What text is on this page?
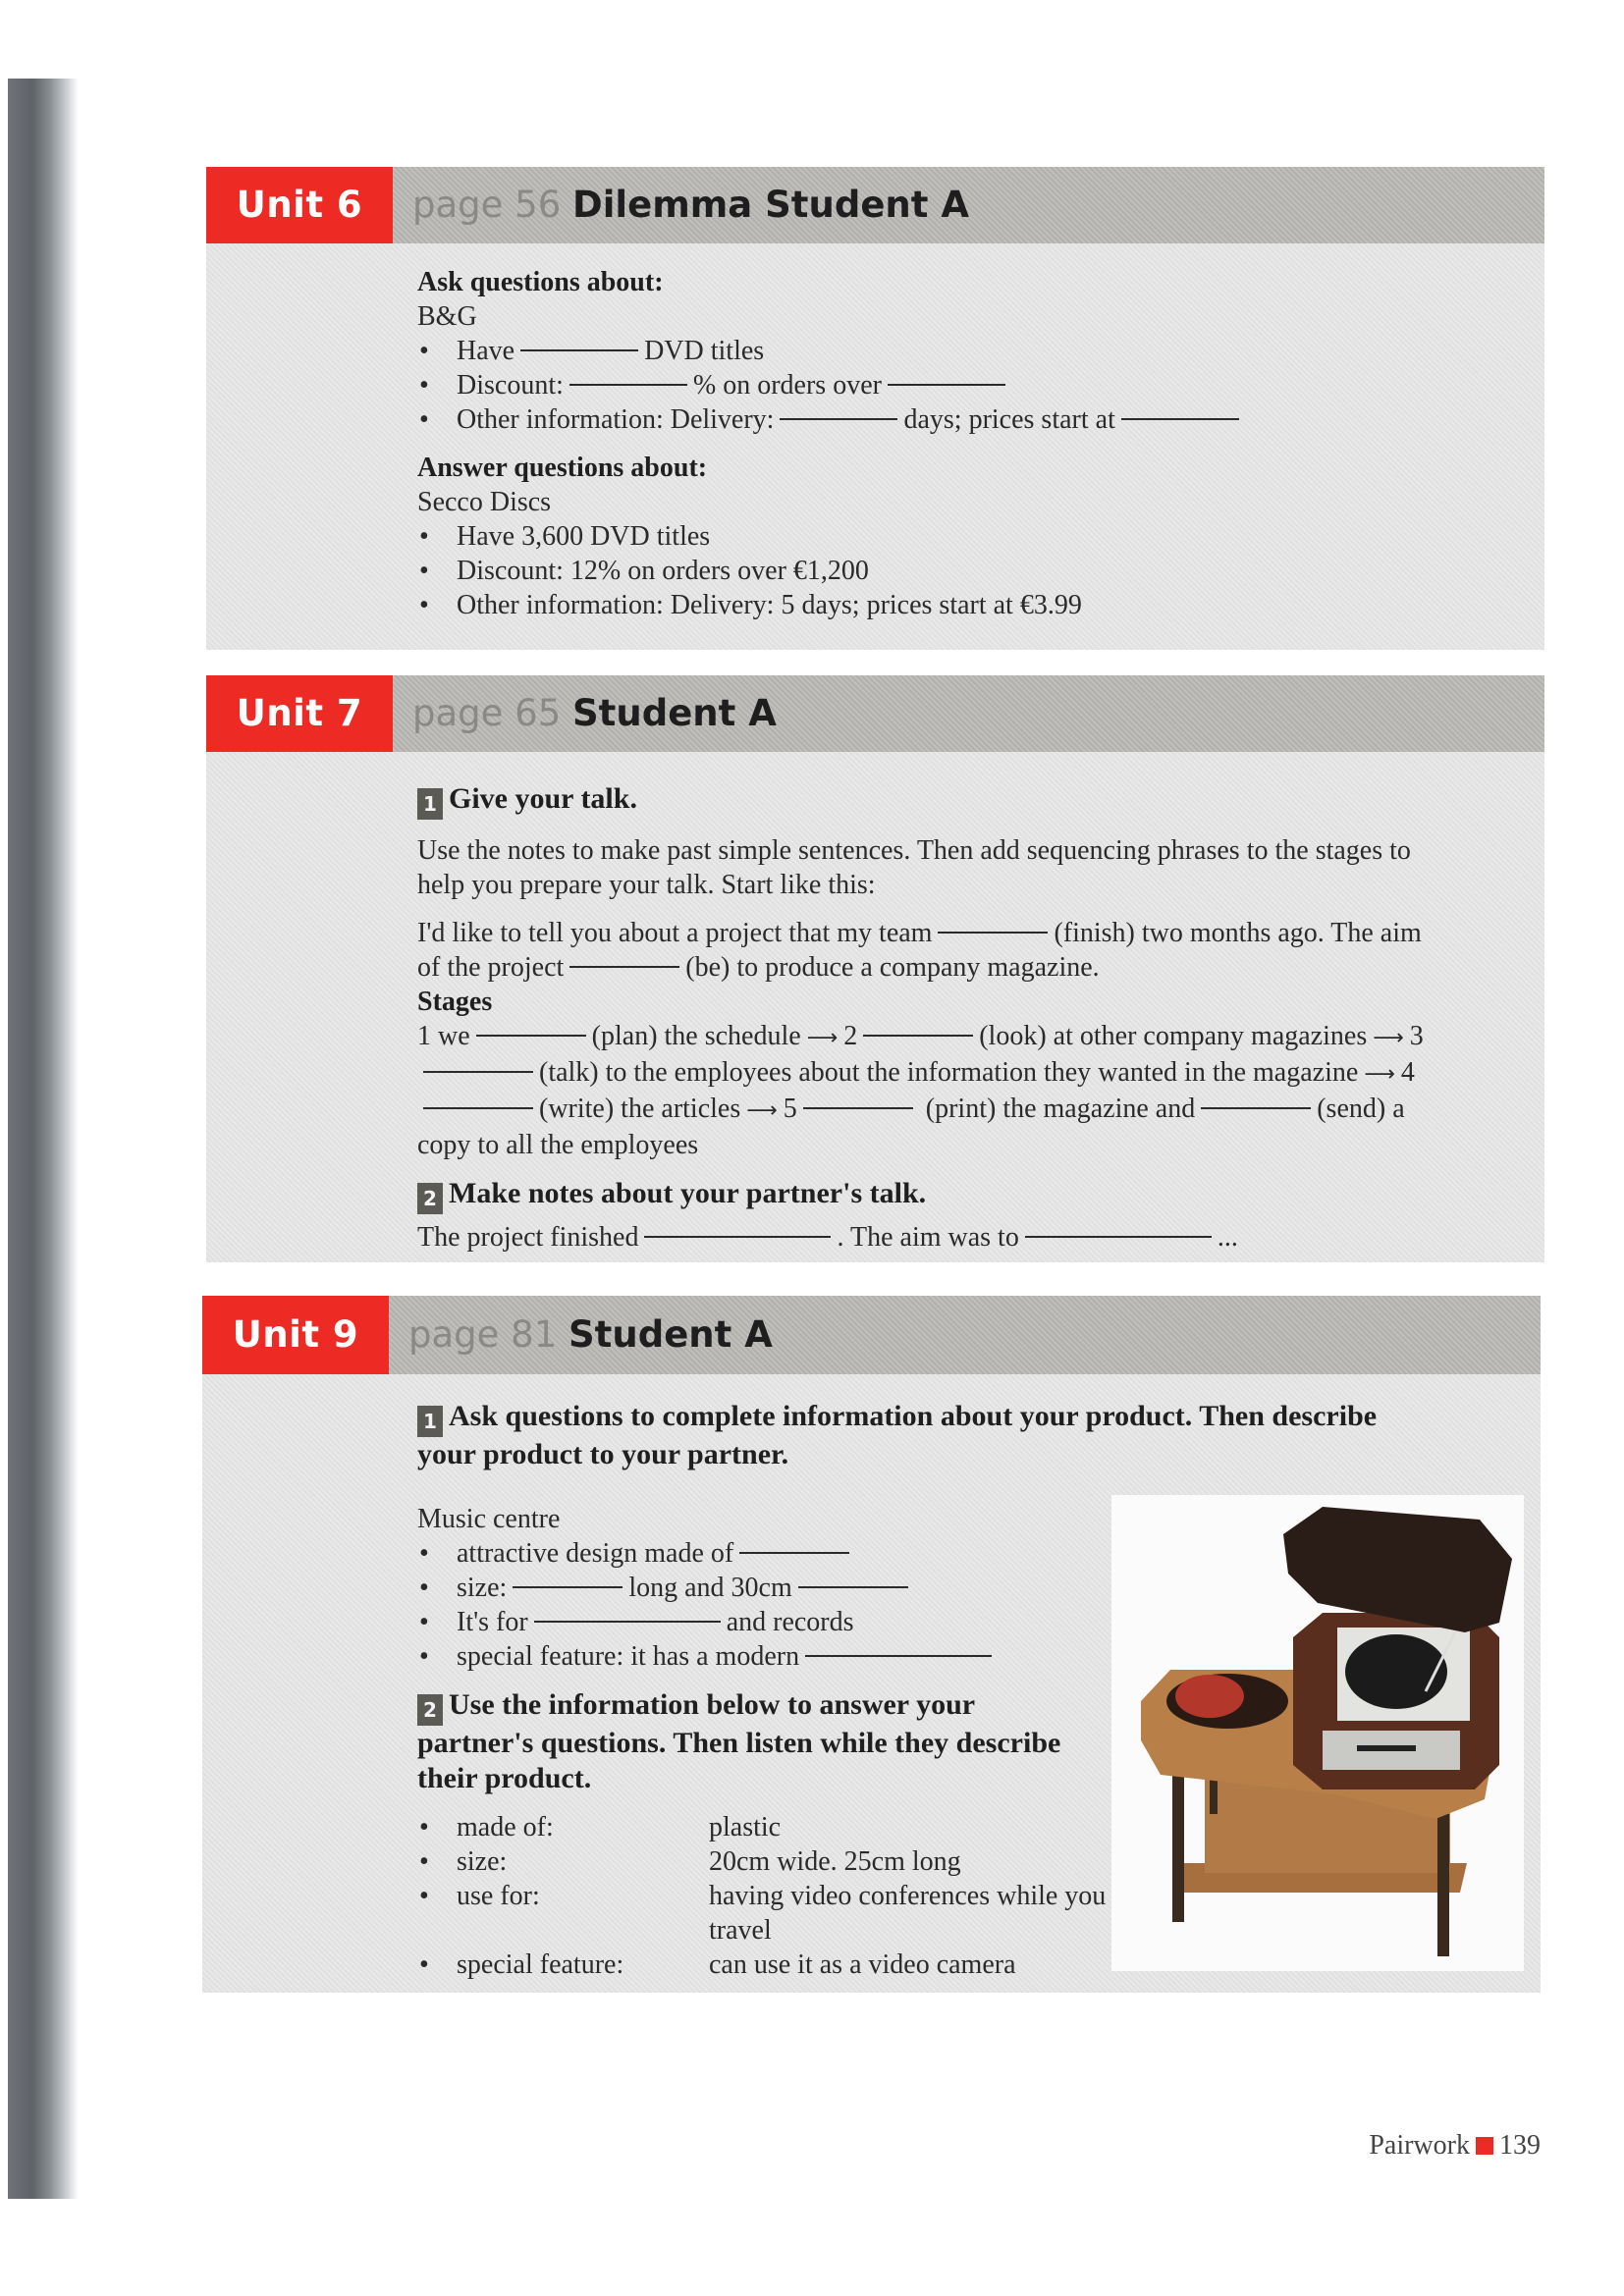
Unit 6	page 56 Dilemma Student A
Ask questions about:
B&G
• Have	DVD titles
• Discount:	% on orders over
• Other information: Delivery:	days; prices start at
Answer questions about:
Secco Discs
• Have 3,600 DVD titles
• Discount: 12% on orders over €1,200
• Other information: Delivery: 5 days; prices start at €3.99
Unit 7	page 65 Student A
1 Give your talk.
Use the notes to make past simple sentences. Then add sequencing phrases to the stages to help you prepare your talk. Start like this:
I'd like to tell you about a project that my team	(finish) two months ago. The aim of the project	(be) to produce a company magazine.
Stages
1 we	(plan) the schedule ⟶ 2	(look) at other company magazines ⟶ 3(talk) to the employees about the information they wanted in the magazine ⟶ 4(write) the articles ⟶ 5	(print) the magazine and	(send) a copy to all the employees
2 Make notes about your partner's talk.
The project finished	. The aim was to	...
Unit 9	page 81 Student A
1 Ask questions to complete information about your product. Then describe your product to your partner.
Music centre
• attractive design made of
• size:	long and 30cm
• It's for	and records
• special feature: it has a modern
2 Use the information below to answer your partner's questions. Then listen while they describe their product.
• made of:	plastic
• size:	20cm wide. 25cm long
• use for:	having video conferences while you travel
• special feature:	can use it as a video camera
Pairwork 139
